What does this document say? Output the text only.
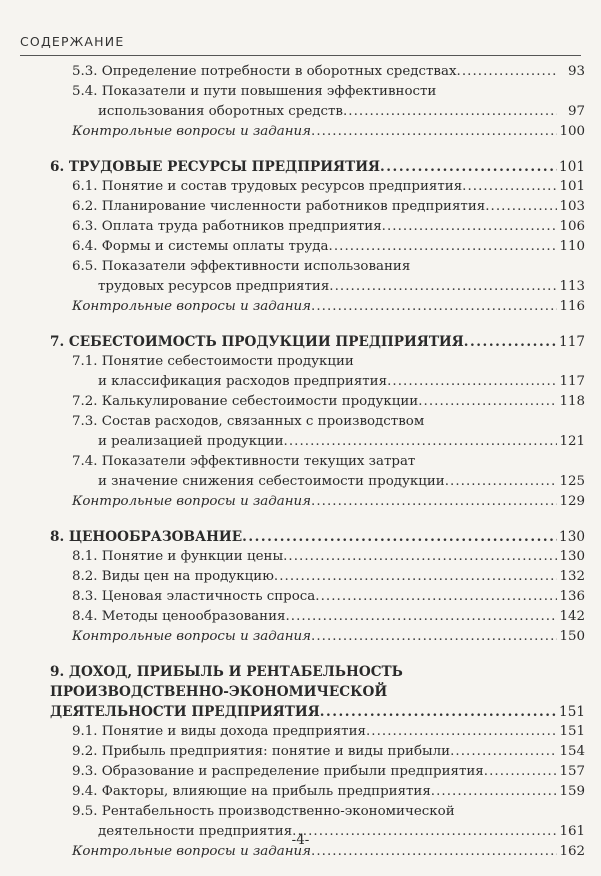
СОДЕРЖАНИЕ
5.3. Определение потребности в оборотных средствах . . .	93
5.4. Показатели и пути повышения эффективности
использования оборотных средств . . .	97
Контрольные вопросы и задания . . .	100
6. ТРУДОВЫЕ РЕСУРСЫ ПРЕДПРИЯТИЯ . . .	101
6.1. Понятие и состав трудовых ресурсов предприятия . . .	101
6.2. Планирование численности работников предприятия . . .	103
6.3. Оплата труда работников предприятия . . .	106
6.4. Формы и системы оплаты труда . . .	110
6.5. Показатели эффективности использования
трудовых ресурсов предприятия . . .	113
Контрольные вопросы и задания . . .	116
7. СЕБЕСТОИМОСТЬ ПРОДУКЦИИ ПРЕДПРИЯТИЯ . . .	117
7.1. Понятие себестоимости продукции
и классификация расходов предприятия . . .	117
7.2. Калькулирование себестоимости продукции . . .	118
7.3. Состав расходов, связанных с производством
и реализацией продукции . . .	121
7.4. Показатели эффективности текущих затрат
и значение снижения себестоимости продукции . . .	125
Контрольные вопросы и задания . . .	129
8. ЦЕНООБРАЗОВАНИЕ . . .	130
8.1. Понятие и функции цены . . .	130
8.2. Виды цен на продукцию . . .	132
8.3. Ценовая эластичность спроса . . .	136
8.4. Методы ценообразования . . .	142
Контрольные вопросы и задания . . .	150
9. ДОХОД, ПРИБЫЛЬ И РЕНТАБЕЛЬНОСТЬ
ПРОИЗВОДСТВЕННО-ЭКОНОМИЧЕСКОЙ
ДЕЯТЕЛЬНОСТИ ПРЕДПРИЯТИЯ . . .	151
9.1. Понятие и виды дохода предприятия . . .	151
9.2. Прибыль предприятия: понятие и виды прибыли . . .	154
9.3. Образование и распределение прибыли предприятия . . .	157
9.4. Факторы, влияющие на прибыль предприятия . . .	159
9.5. Рентабельность производственно-экономической
деятельности предприятия . . .	161
Контрольные вопросы и задания . . .	162
-4-
